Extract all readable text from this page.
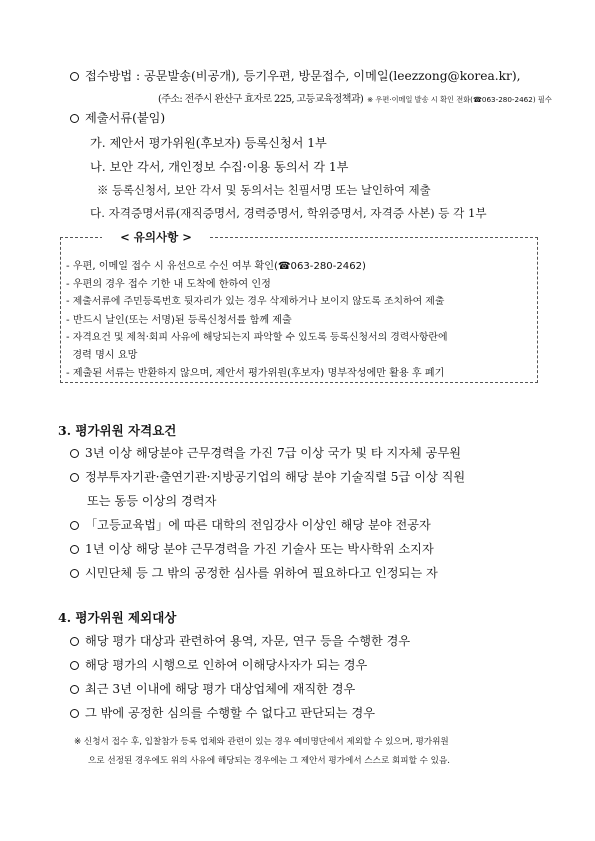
접수방법 : 공문발송(비공개), 등기우편, 방문접수, 이메일(leezzong@korea.kr),
(주소: 전주시 완산구 효자로 225, 고등교육정책과) ※ 우편·이메일 발송 시 확인 전화(☎063-280-2462) 필수
제출서류(붙임)
가. 제안서 평가위원(후보자) 등록신청서 1부
나. 보안 각서, 개인정보 수집·이용 동의서 각 1부
※ 등록신청서, 보안 각서 및 동의서는 친필서명 또는 날인하여 제출
다. 자격증명서류(재직증명서, 경력증명서, 학위증명서, 자격증 사본) 등 각 1부
< 유의사항 >
- 우편, 이메일 접수 시 유선으로 수신 여부 확인(☎063-280-2462)
- 우편의 경우 접수 기한 내 도착에 한하여 인정
- 제출서류에 주민등록번호 뒷자리가 있는 경우 삭제하거나 보이지 않도록 조치하여 제출
- 반드시 날인(또는 서명)된 등록신청서를 함께 제출
- 자격요건 및 제척·회피 사유에 해당되는지 파악할 수 있도록 등록신청서의 경력사항란에
경력 명시 요망
- 제출된 서류는 반환하지 않으며, 제안서 평가위원(후보자) 명부작성에만 활용 후 폐기
3. 평가위원 자격요건
3년 이상 해당분야 근무경력을 가진 7급 이상 국가 및 타 지자체 공무원
정부투자기관·출연기관·지방공기업의 해당 분야 기술직렬 5급 이상 직원
또는 동등 이상의 경력자
「고등교육법」에 따른 대학의 전임강사 이상인 해당 분야 전공자
1년 이상 해당 분야 근무경력을 가진 기술사 또는 박사학위 소지자
시민단체 등 그 밖의 공정한 심사를 위하여 필요하다고 인정되는 자
4. 평가위원 제외대상
해당 평가 대상과 관련하여 용역, 자문, 연구 등을 수행한 경우
해당 평가의 시행으로 인하여 이해당사자가 되는 경우
최근 3년 이내에 해당 평가 대상업체에 재직한 경우
그 밖에 공정한 심의를 수행할 수 없다고 판단되는 경우
※ 신청서 접수 후, 입찰참가 등록 업체와 관련이 있는 경우 예비명단에서 제외할 수 있으며, 평가위원
으로 선정된 경우에도 위의 사유에 해당되는 경우에는 그 제안서 평가에서 스스로 회피할 수 있음.
